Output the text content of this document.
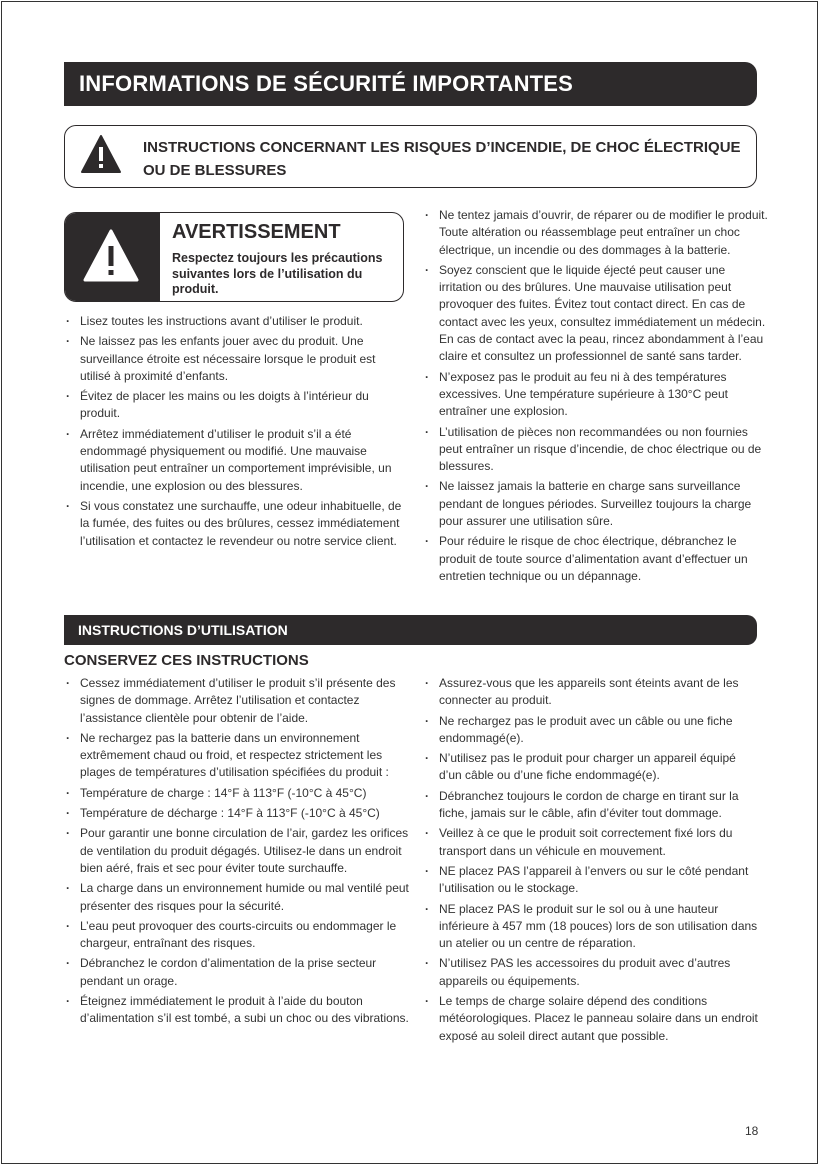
INFORMATIONS DE SÉCURITÉ IMPORTANTES
INSTRUCTIONS CONCERNANT LES RISQUES D’INCENDIE, DE CHOC ÉLECTRIQUE OU DE BLESSURES
AVERTISSEMENT
Respectez toujours les précautions suivantes lors de l’utilisation du produit.
· Lisez toutes les instructions avant d’utiliser le produit.
· Ne laissez pas les enfants jouer avec du produit. Une surveillance étroite est nécessaire lorsque le produit est utilisé à proximité d’enfants.
· Évitez de placer les mains ou les doigts à l’intérieur du produit.
· Arrêtez immédiatement d’utiliser le produit s’il a été endommagé physiquement ou modifié. Une mauvaise utilisation peut entraîner un comportement imprévisible, un incendie, une explosion ou des blessures.
· Si vous constatez une surchauffe, une odeur inhabituelle, de la fumée, des fuites ou des brûlures, cessez immédiatement l’utilisation et contactez le revendeur ou notre service client.
· Ne tentez jamais d’ouvrir, de réparer ou de modifier le produit. Toute altération ou réassemblage peut entraîner un choc électrique, un incendie ou des dommages à la batterie.
· Soyez conscient que le liquide éjecté peut causer une irritation ou des brûlures. Une mauvaise utilisation peut provoquer des fuites. Évitez tout contact direct. En cas de contact avec les yeux, consultez immédiatement un médecin. En cas de contact avec la peau, rincez abondamment à l’eau claire et consultez un professionnel de santé sans tarder.
· N’exposez pas le produit au feu ni à des températures excessives. Une température supérieure à 130°C peut entraîner une explosion.
· L’utilisation de pièces non recommandées ou non fournies peut entraîner un risque d’incendie, de choc électrique ou de blessures.
· Ne laissez jamais la batterie en charge sans surveillance pendant de longues périodes. Surveillez toujours la charge pour assurer une utilisation sûre.
· Pour réduire le risque de choc électrique, débranchez le produit de toute source d’alimentation avant d’effectuer un entretien technique ou un dépannage.
INSTRUCTIONS D’UTILISATION
CONSERVEZ CES INSTRUCTIONS
· Cessez immédiatement d’utiliser le produit s’il présente des signes de dommage. Arrêtez l’utilisation et contactez l’assistance clientèle pour obtenir de l’aide.
· Ne rechargez pas la batterie dans un environnement extrêmement chaud ou froid, et respectez strictement les plages de températures d’utilisation spécifiées du produit :
· Température de charge : 14°F à 113°F (-10°C à 45°C)
· Température de décharge : 14°F à 113°F (-10°C à 45°C)
· Pour garantir une bonne circulation de l’air, gardez les orifices de ventilation du produit dégagés. Utilisez-le dans un endroit bien aéré, frais et sec pour éviter toute surchauffe.
· La charge dans un environnement humide ou mal ventilé peut présenter des risques pour la sécurité.
· L’eau peut provoquer des courts-circuits ou endommager le chargeur, entraînant des risques.
· Débranchez le cordon d’alimentation de la prise secteur pendant un orage.
· Éteignez immédiatement le produit à l’aide du bouton d’alimentation s’il est tombé, a subi un choc ou des vibrations.
· Assurez-vous que les appareils sont éteints avant de les connecter au produit.
· Ne rechargez pas le produit avec un câble ou une fiche endommagé(e).
· N’utilisez pas le produit pour charger un appareil équipé d’un câble ou d’une fiche endommagé(e).
· Débranchez toujours le cordon de charge en tirant sur la fiche, jamais sur le câble, afin d’éviter tout dommage.
· Veillez à ce que le produit soit correctement fixé lors du transport dans un véhicule en mouvement.
· NE placez PAS l’appareil à l’envers ou sur le côté pendant l’utilisation ou le stockage.
· NE placez PAS le produit sur le sol ou à une hauteur inférieure à 457 mm (18 pouces) lors de son utilisation dans un atelier ou un centre de réparation.
· N’utilisez PAS les accessoires du produit avec d’autres appareils ou équipements.
· Le temps de charge solaire dépend des conditions météorologiques. Placez le panneau solaire dans un endroit exposé au soleil direct autant que possible.
18
